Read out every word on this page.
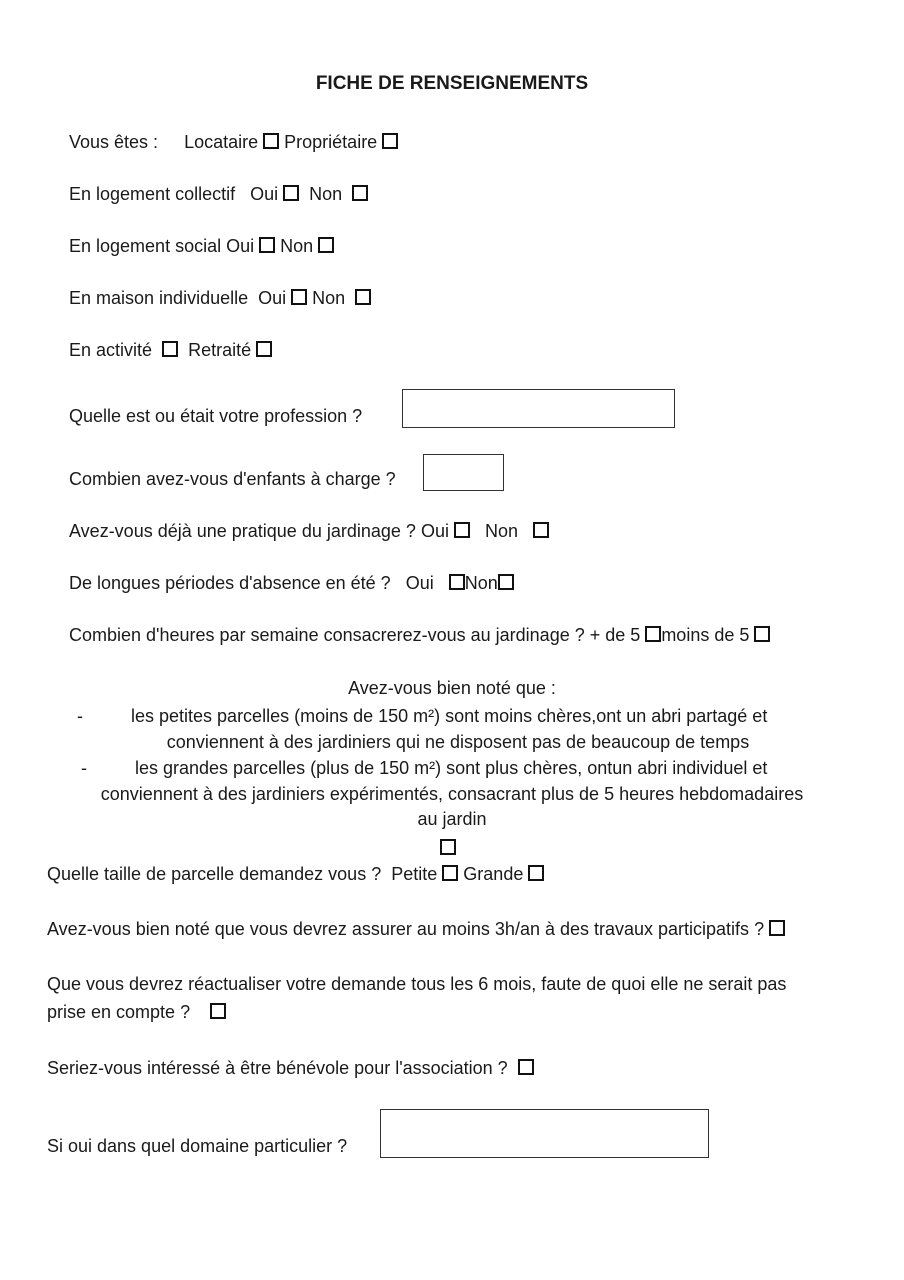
FICHE DE RENSEIGNEMENTS
Vous êtes : Locataire Propriétaire
En logement collectif Oui Non
En logement social Oui Non
En maison individuelle Oui Non
En activité Retraité
Quelle est ou était votre profession ?
Combien avez-vous d'enfants à charge ?
Avez-vous déjà une pratique du jardinage ? Oui Non
De longues périodes d'absence en été ? Oui Non
Combien d'heures par semaine consacrerez-vous au jardinage ? + de 5 moins de 5
Avez-vous bien noté que :
-	les petites parcelles (moins de 150 m²) sont moins chères,ont un abri partagé et
conviennent à des jardiniers qui ne disposent pas de beaucoup de temps
-	les grandes parcelles (plus de 150 m²) sont plus chères, ontun abri individuel et
conviennent à des jardiniers expérimentés, consacrant plus de 5 heures hebdomadaires
au jardin
Quelle taille de parcelle demandez vous ? Petite Grande
Avez-vous bien noté que vous devrez assurer au moins 3h/an à des travaux participatifs ?
Que vous devrez réactualiser votre demande tous les 6 mois, faute de quoi elle ne serait pas
prise en compte ?
Seriez-vous intéressé à être bénévole pour l'association ?
Si oui dans quel domaine particulier ?
